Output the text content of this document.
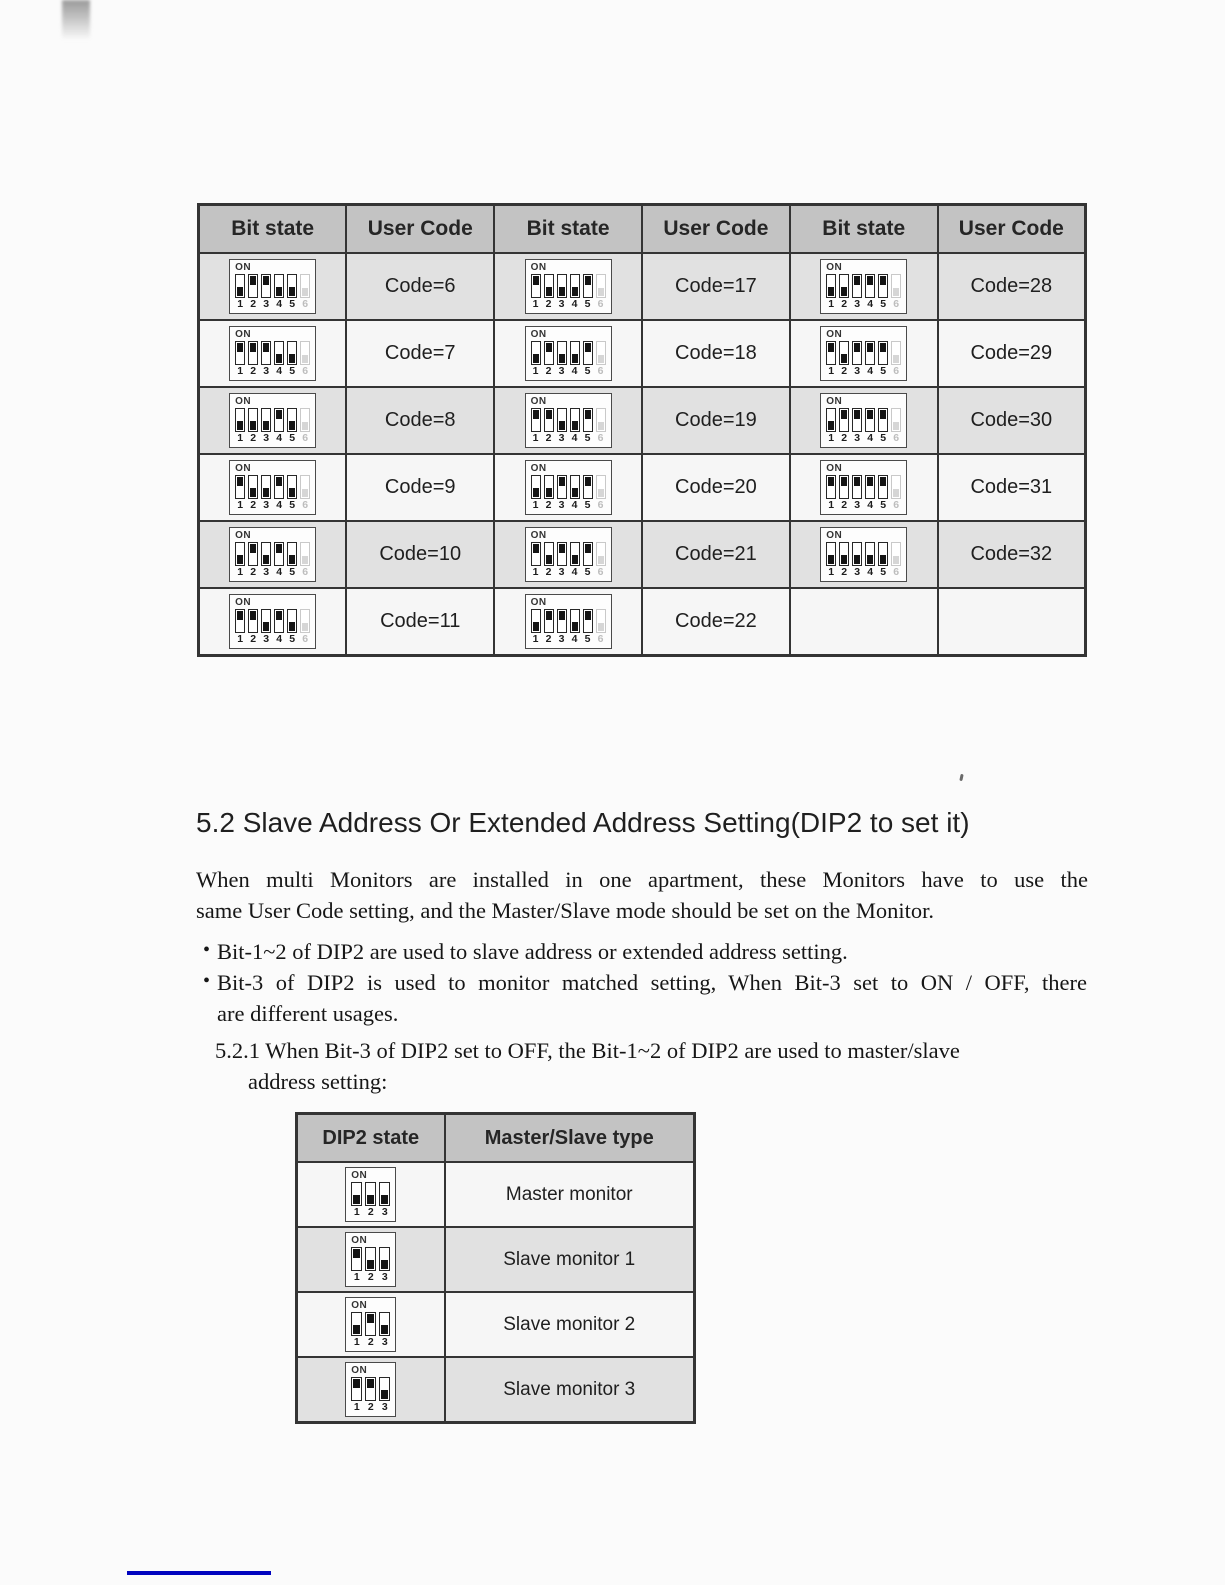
Bit state	User Code	Bit state	User Code	Bit state	User Code

ON
1 2 3 4 5 6
	Code=6	
ON
1 2 3 4 5 6
	Code=17	
ON
1 2 3 4 5 6
	Code=28

ON
1 2 3 4 5 6
	Code=7	
ON
1 2 3 4 5 6
	Code=18	
ON
1 2 3 4 5 6
	Code=29

ON
1 2 3 4 5 6
	Code=8	
ON
1 2 3 4 5 6
	Code=19	
ON
1 2 3 4 5 6
	Code=30

ON
1 2 3 4 5 6
	Code=9	
ON
1 2 3 4 5 6
	Code=20	
ON
1 2 3 4 5 6
	Code=31

ON
1 2 3 4 5 6
	Code=10	
ON
1 2 3 4 5 6
	Code=21	
ON
1 2 3 4 5 6
	Code=32

ON
1 2 3 4 5 6
	Code=11	
ON
1 2 3 4 5 6
	Code=22		
5.2 Slave Address Or Extended Address Setting(DIP2 to set it)
When multi Monitors are installed in one apartment, these Monitors have to use the
same User Code setting, and the Master/Slave mode should be set on the Monitor.
• Bit-1~2 of DIP2 are used to slave address or extended address setting.
• Bit-3 of DIP2 is used to monitor matched setting, When Bit-3 set to ON / OFF, there
are different usages.
5.2.1 When Bit-3 of DIP2 set to OFF, the Bit-1~2 of DIP2 are used to master/slave
address setting:
DIP2 state	Master/Slave type

ON
1 2 3	Master monitor

ON
1 2 3	Slave monitor 1

ON
1 2 3	Slave monitor 2

ON
1 2 3	Slave monitor 3
